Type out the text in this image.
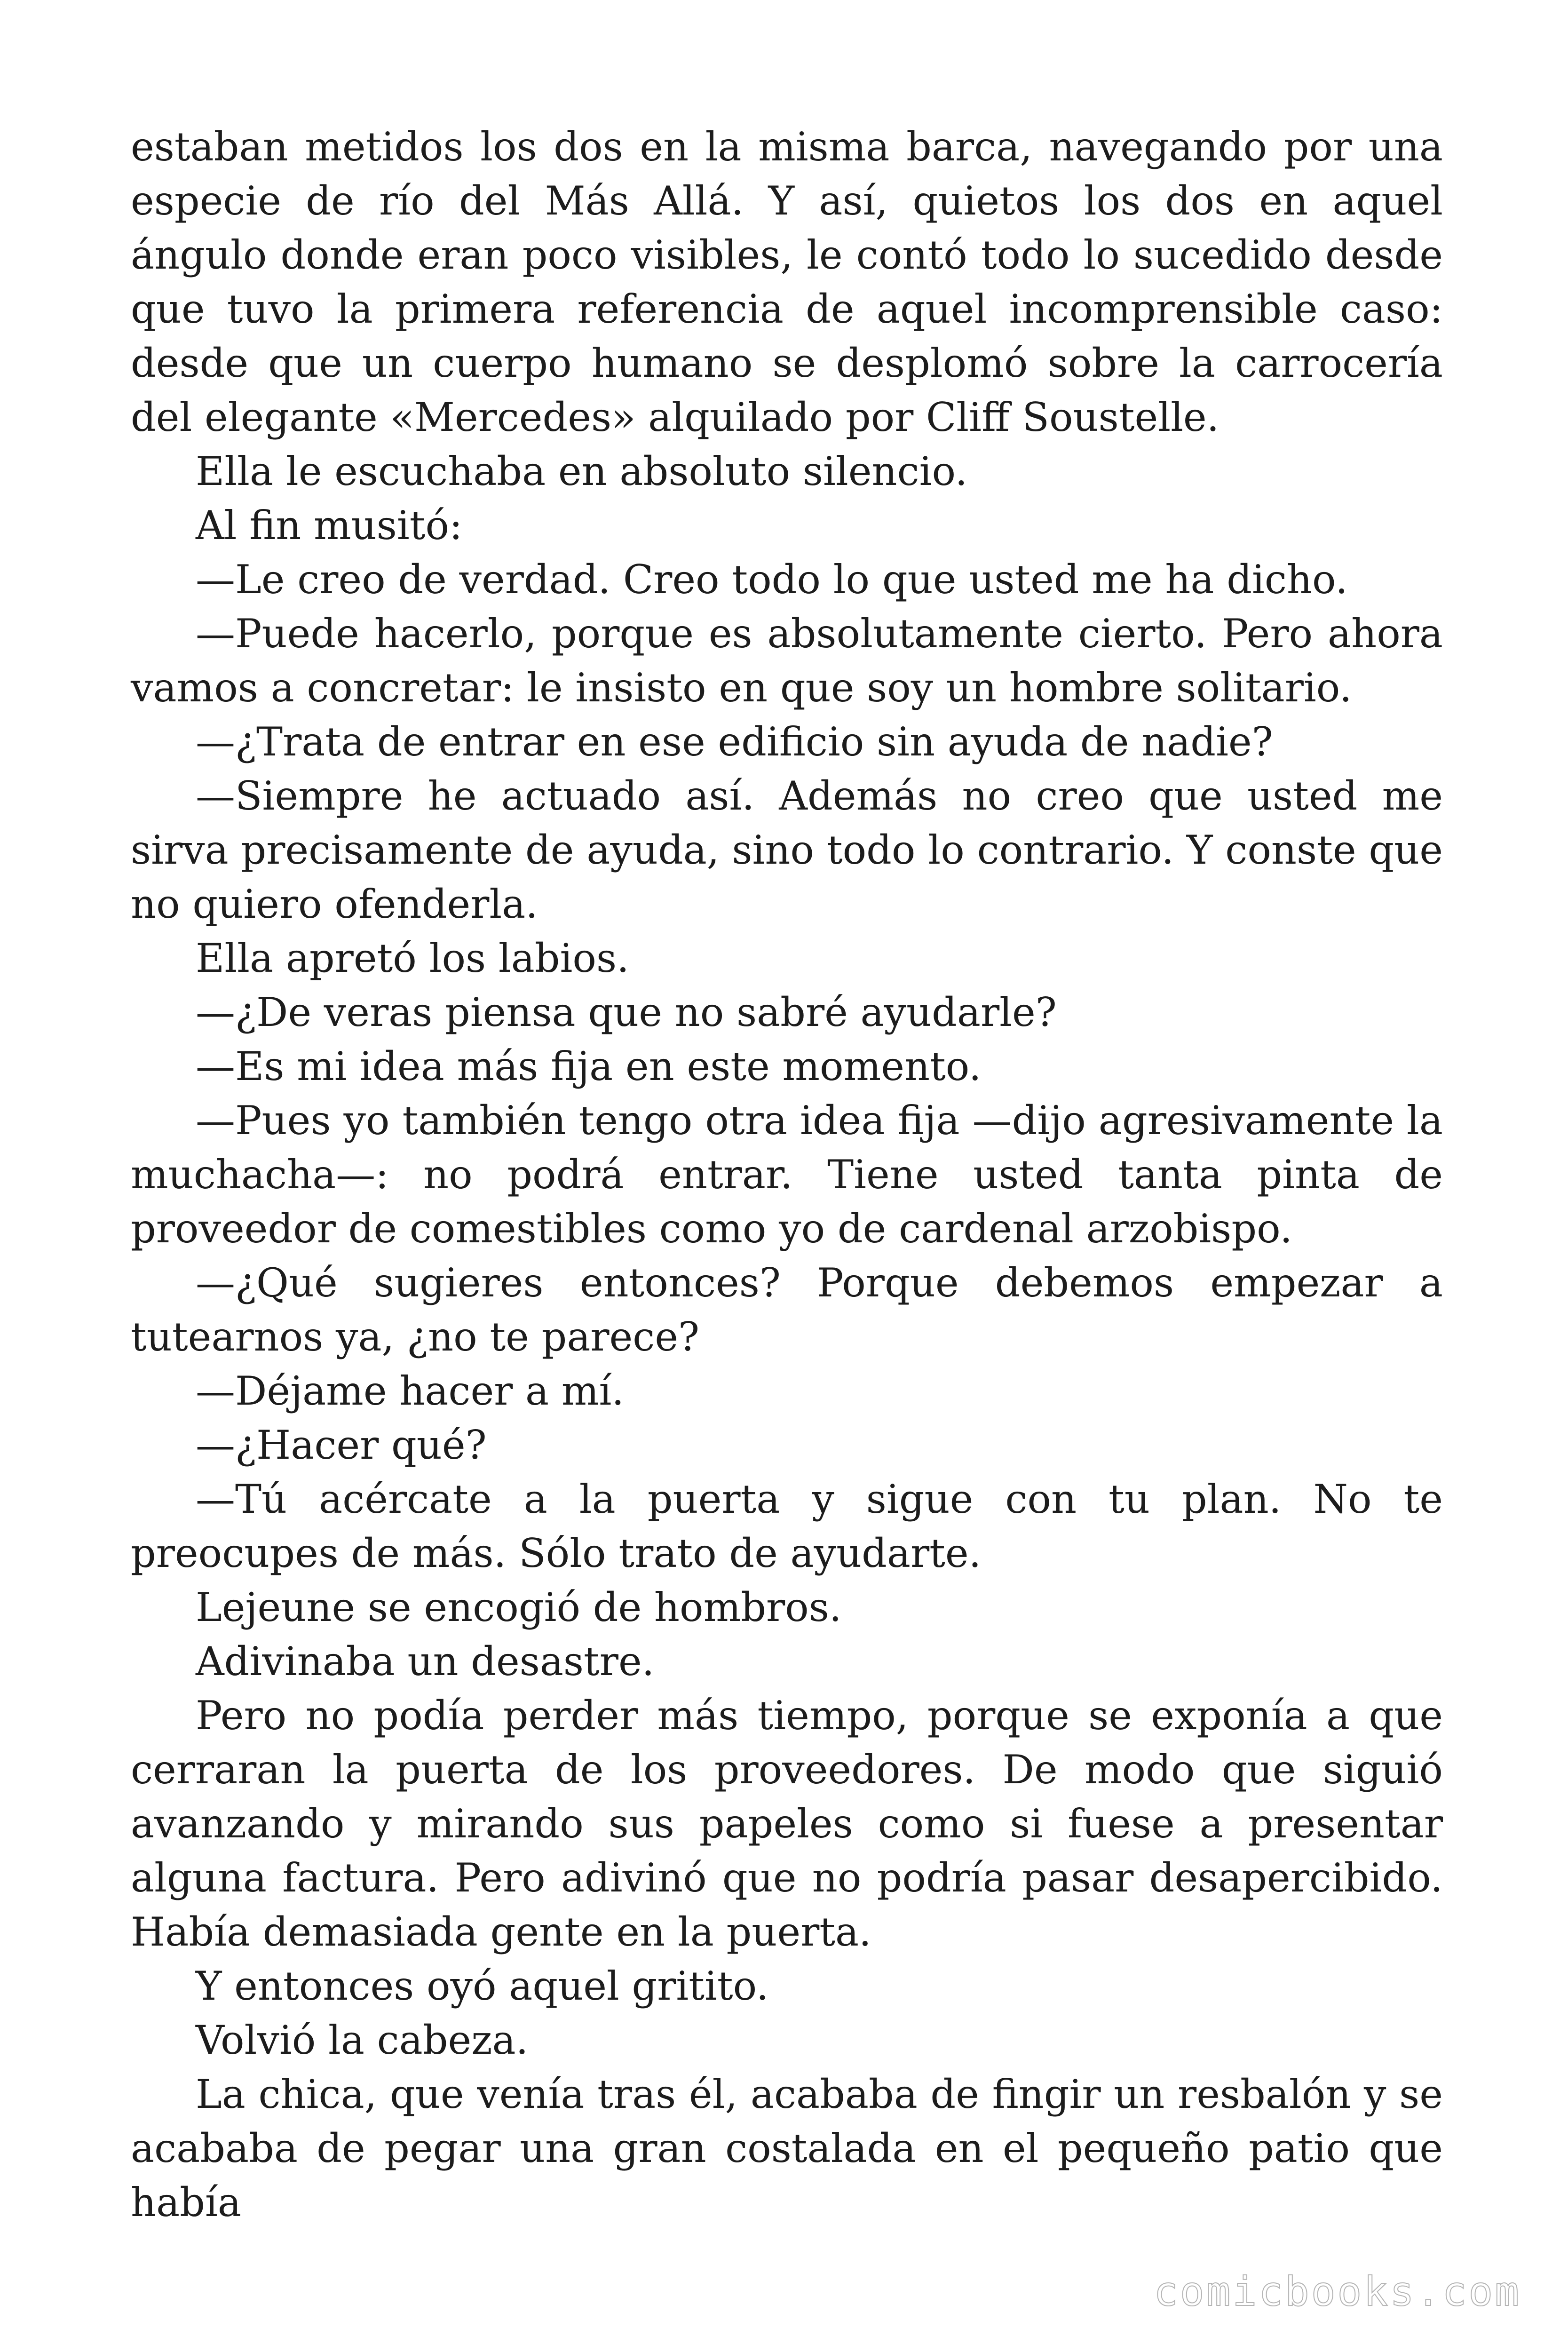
estaban metidos los dos en la misma barca, navegando por una especie de río del Más Allá. Y así, quietos los dos en aquel ángulo donde eran poco visibles, le contó todo lo sucedido desde que tuvo la primera referencia de aquel incomprensible caso: desde que un cuerpo humano se desplomó sobre la carrocería del elegante «Mercedes» alquilado por Cliff Soustelle.

Ella le escuchaba en absoluto silencio.

Al fin musitó:

—Le creo de verdad. Creo todo lo que usted me ha dicho.

—Puede hacerlo, porque es absolutamente cierto. Pero ahora vamos a concretar: le insisto en que soy un hombre solitario.

—¿Trata de entrar en ese edificio sin ayuda de nadie?

—Siempre he actuado así. Además no creo que usted me sirva precisamente de ayuda, sino todo lo contrario. Y conste que no quiero ofenderla.

Ella apretó los labios.

—¿De veras piensa que no sabré ayudarle?

—Es mi idea más fija en este momento.

—Pues yo también tengo otra idea fija —dijo agresivamente la muchacha—: no podrá entrar. Tiene usted tanta pinta de proveedor de comestibles como yo de cardenal arzobispo.

—¿Qué sugieres entonces? Porque debemos empezar a tutearnos ya, ¿no te parece?

—Déjame hacer a mí.

—¿Hacer qué?

—Tú acércate a la puerta y sigue con tu plan. No te preocupes de más. Sólo trato de ayudarte.

Lejeune se encogió de hombros.

Adivinaba un desastre.

Pero no podía perder más tiempo, porque se exponía a que cerraran la puerta de los proveedores. De modo que siguió avanzando y mirando sus papeles como si fuese a presentar alguna factura. Pero adivinó que no podría pasar desapercibido. Había demasiada gente en la puerta.

Y entonces oyó aquel gritito.

Volvió la cabeza.

La chica, que venía tras él, acababa de fingir un resbalón y se acababa de pegar una gran costalada en el pequeño patio que había

comicbooks.com
